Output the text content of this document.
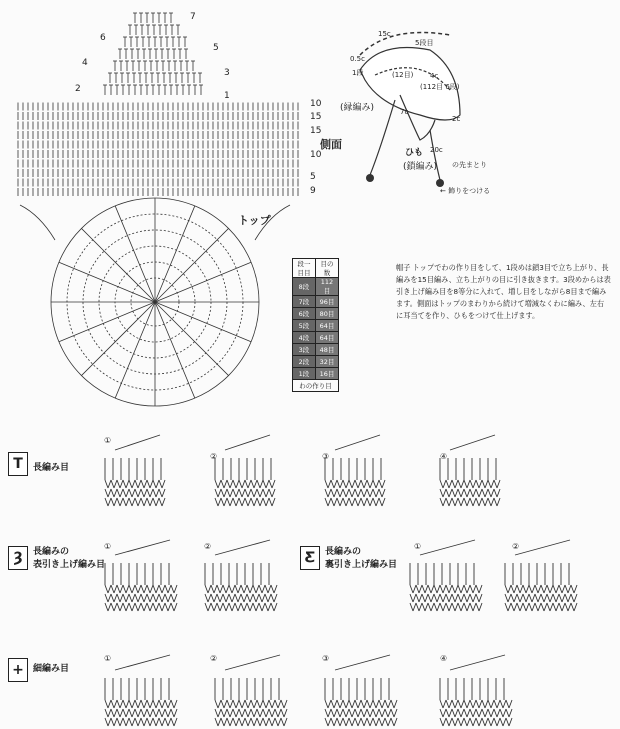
7
6
5
4
3
2
1
10
15
9
15
10
5
側面
トップ
15c
0.5c
5段目
1段	(12目) 4c
(112目 6段)
7c
2c
(縁編み)
ひも 20c
(鎖編み) の先まとり
← 飾りをつける
段一目目	目の数
8段	112目
7段	96目
6段	80目
5段	64目
4段	64目
3段	48目
2段	32目
1段	16目
わの作り目	
帽子 トップでわの作り目をして、1段めは鎖3目で立ち上がり、長編みを15目編み、立ち上がりの目に引き抜きます。3段めからは表引き上げ編み目を8等分に入れて、増し目をしながら8目まで編みます。側面はトップのまわりから続けて増減なくわに編み、左右に耳当てを作り、ひもをつけて仕上げます。
T	長編み目
Ȝ	長編みの
表引き上げ編み目	Ƹ	長編みの
裏引き上げ編み目
+	細編み目
①
②	③	④
①	②	①	②
①	②	③	④
